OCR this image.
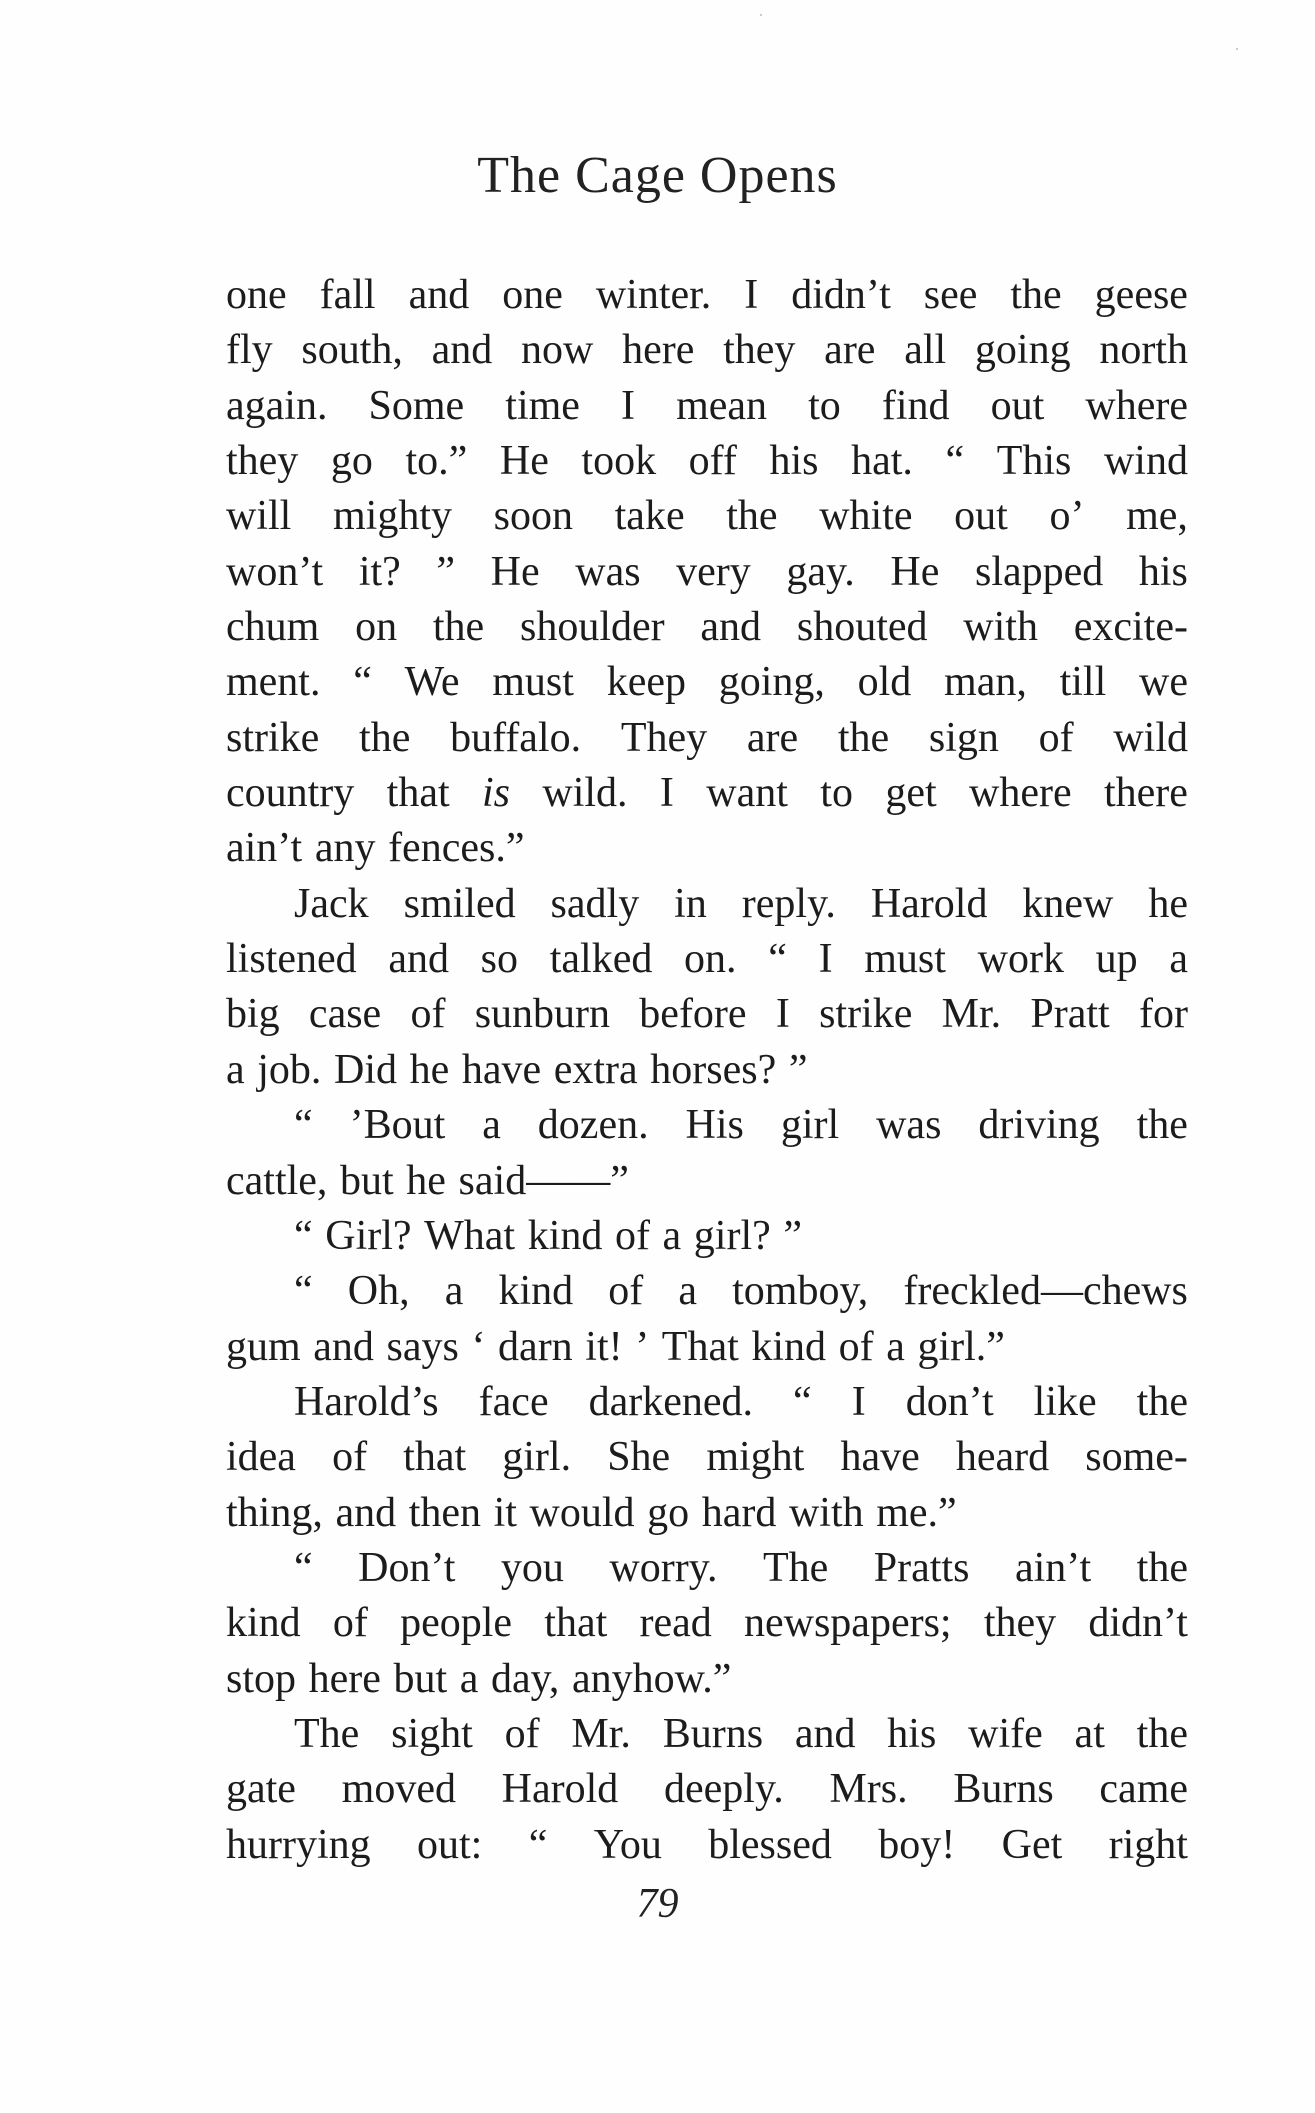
The Cage Opens
one fall and one winter. I didn’t see the geese
fly south, and now here they are all going north
again. Some time I mean to find out where
they go to.” He took off his hat. “ This wind
will mighty soon take the white out o’ me,
won’t it? ” He was very gay. He slapped his
chum on the shoulder and shouted with excite-
ment. “ We must keep going, old man, till we
strike the buffalo. They are the sign of wild
country that is wild. I want to get where there
ain’t any fences.”
Jack smiled sadly in reply. Harold knew he
listened and so talked on. “ I must work up a
big case of sunburn before I strike Mr. Pratt for
a job. Did he have extra horses? ”
“ ’Bout a dozen. His girl was driving the
cattle, but he said——”
“ Girl? What kind of a girl? ”
“ Oh, a kind of a tomboy, freckled—chews
gum and says ‘ darn it! ’ That kind of a girl.”
Harold’s face darkened. “ I don’t like the
idea of that girl. She might have heard some-
thing, and then it would go hard with me.”
“ Don’t you worry. The Pratts ain’t the
kind of people that read newspapers; they didn’t
stop here but a day, anyhow.”
The sight of Mr. Burns and his wife at the
gate moved Harold deeply. Mrs. Burns came
hurrying out: “ You blessed boy! Get right
79
